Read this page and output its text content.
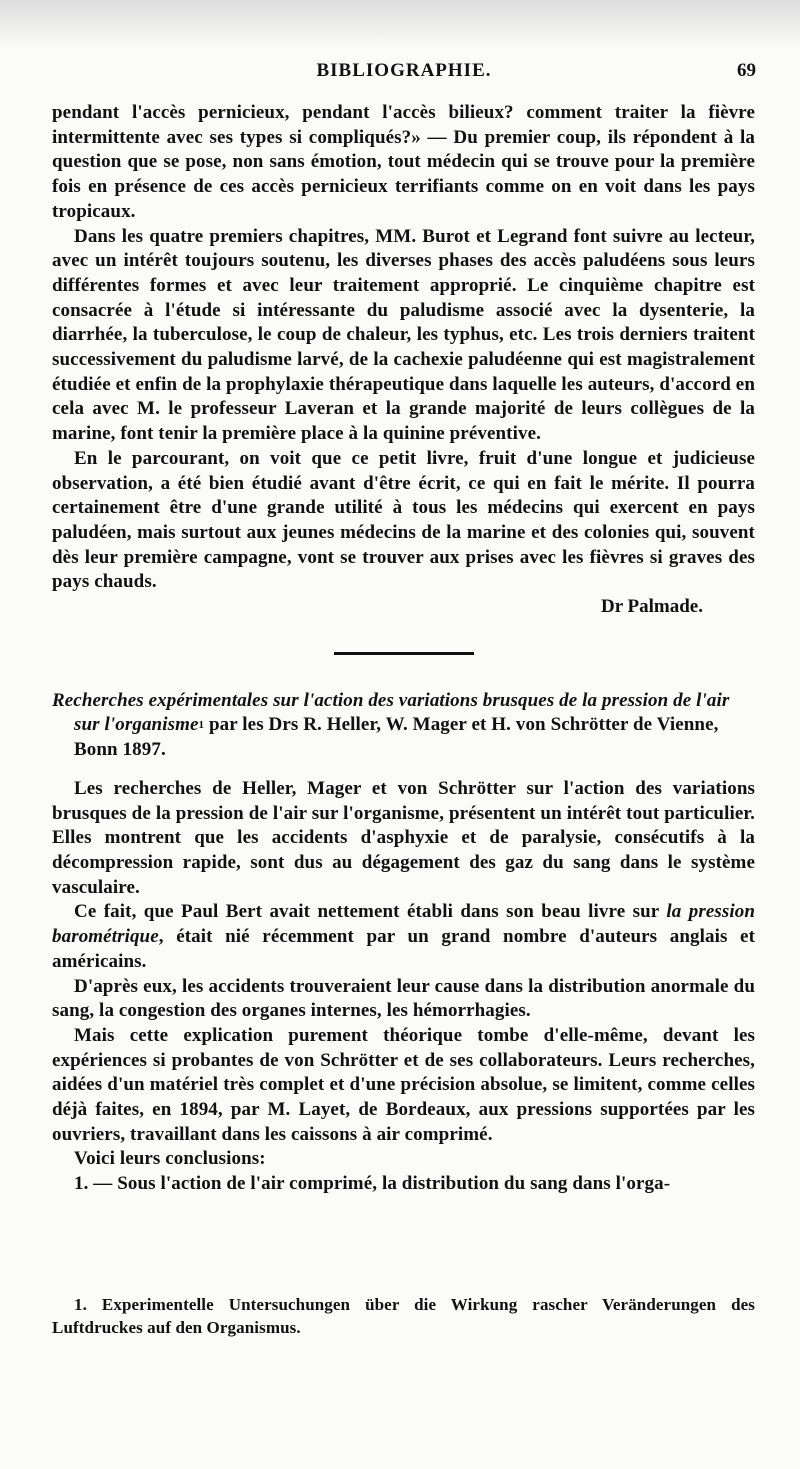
BIBLIOGRAPHIE.	69

pendant l'accès pernicieux, pendant l'accès bilieux? comment traiter la fièvre intermittente avec ses types si compliqués?» — Du premier coup, ils répondent à la question que se pose, non sans émotion, tout médecin qui se trouve pour la première fois en présence de ces accès pernicieux terrifiants comme on en voit dans les pays tropicaux.

Dans les quatre premiers chapitres, MM. Burot et Legrand font suivre au lecteur, avec un intérêt toujours soutenu, les diverses phases des accès paludéens sous leurs différentes formes et avec leur traitement approprié. Le cinquième chapitre est consacrée à l'étude si intéressante du paludisme associé avec la dysenterie, la diarrhée, la tuberculose, le coup de chaleur, les typhus, etc. Les trois derniers traitent successivement du paludisme larvé, de la cachexie paludéenne qui est magistralement étudiée et enfin de la prophylaxie thérapeutique dans laquelle les auteurs, d'accord en cela avec M. le professeur Laveran et la grande majorité de leurs collègues de la marine, font tenir la première place à la quinine préventive.

En le parcourant, on voit que ce petit livre, fruit d'une longue et judicieuse observation, a été bien étudié avant d'être écrit, ce qui en fait le mérite. Il pourra certainement être d'une grande utilité à tous les médecins qui exercent en pays paludéen, mais surtout aux jeunes médecins de la marine et des colonies qui, souvent dès leur première campagne, vont se trouver aux prises avec les fièvres si graves des pays chauds.

Dr Palmade.

Recherches expérimentales sur l'action des variations brusques de la pression de l'air sur l'organisme$^1$ par les Drs R. Heller, W. Mager et H. von Schrötter de Vienne, Bonn 1897.

Les recherches de Heller, Mager et von Schrötter sur l'action des variations brusques de la pression de l'air sur l'organisme, présentent un intérêt tout particulier. Elles montrent que les accidents d'asphyxie et de paralysie, consécutifs à la décompression rapide, sont dus au dégagement des gaz du sang dans le système vasculaire.

Ce fait, que Paul Bert avait nettement établi dans son beau livre sur la pression barométrique, était nié récemment par un grand nombre d'auteurs anglais et américains.

D'après eux, les accidents trouveraient leur cause dans la distribution anormale du sang, la congestion des organes internes, les hémorrhagies.

Mais cette explication purement théorique tombe d'elle-même, devant les expériences si probantes de von Schrötter et de ses collaborateurs. Leurs recherches, aidées d'un matériel très complet et d'une précision absolue, se limitent, comme celles déjà faites, en 1894, par M. Layet, de Bordeaux, aux pressions supportées par les ouvriers, travaillant dans les caissons à air comprimé.

Voici leurs conclusions:

1. — Sous l'action de l'air comprimé, la distribution du sang dans l'orga-

1. Experimentelle Untersuchungen über die Wirkung rascher Veränderungen des Luftdruckes auf den Organismus.
